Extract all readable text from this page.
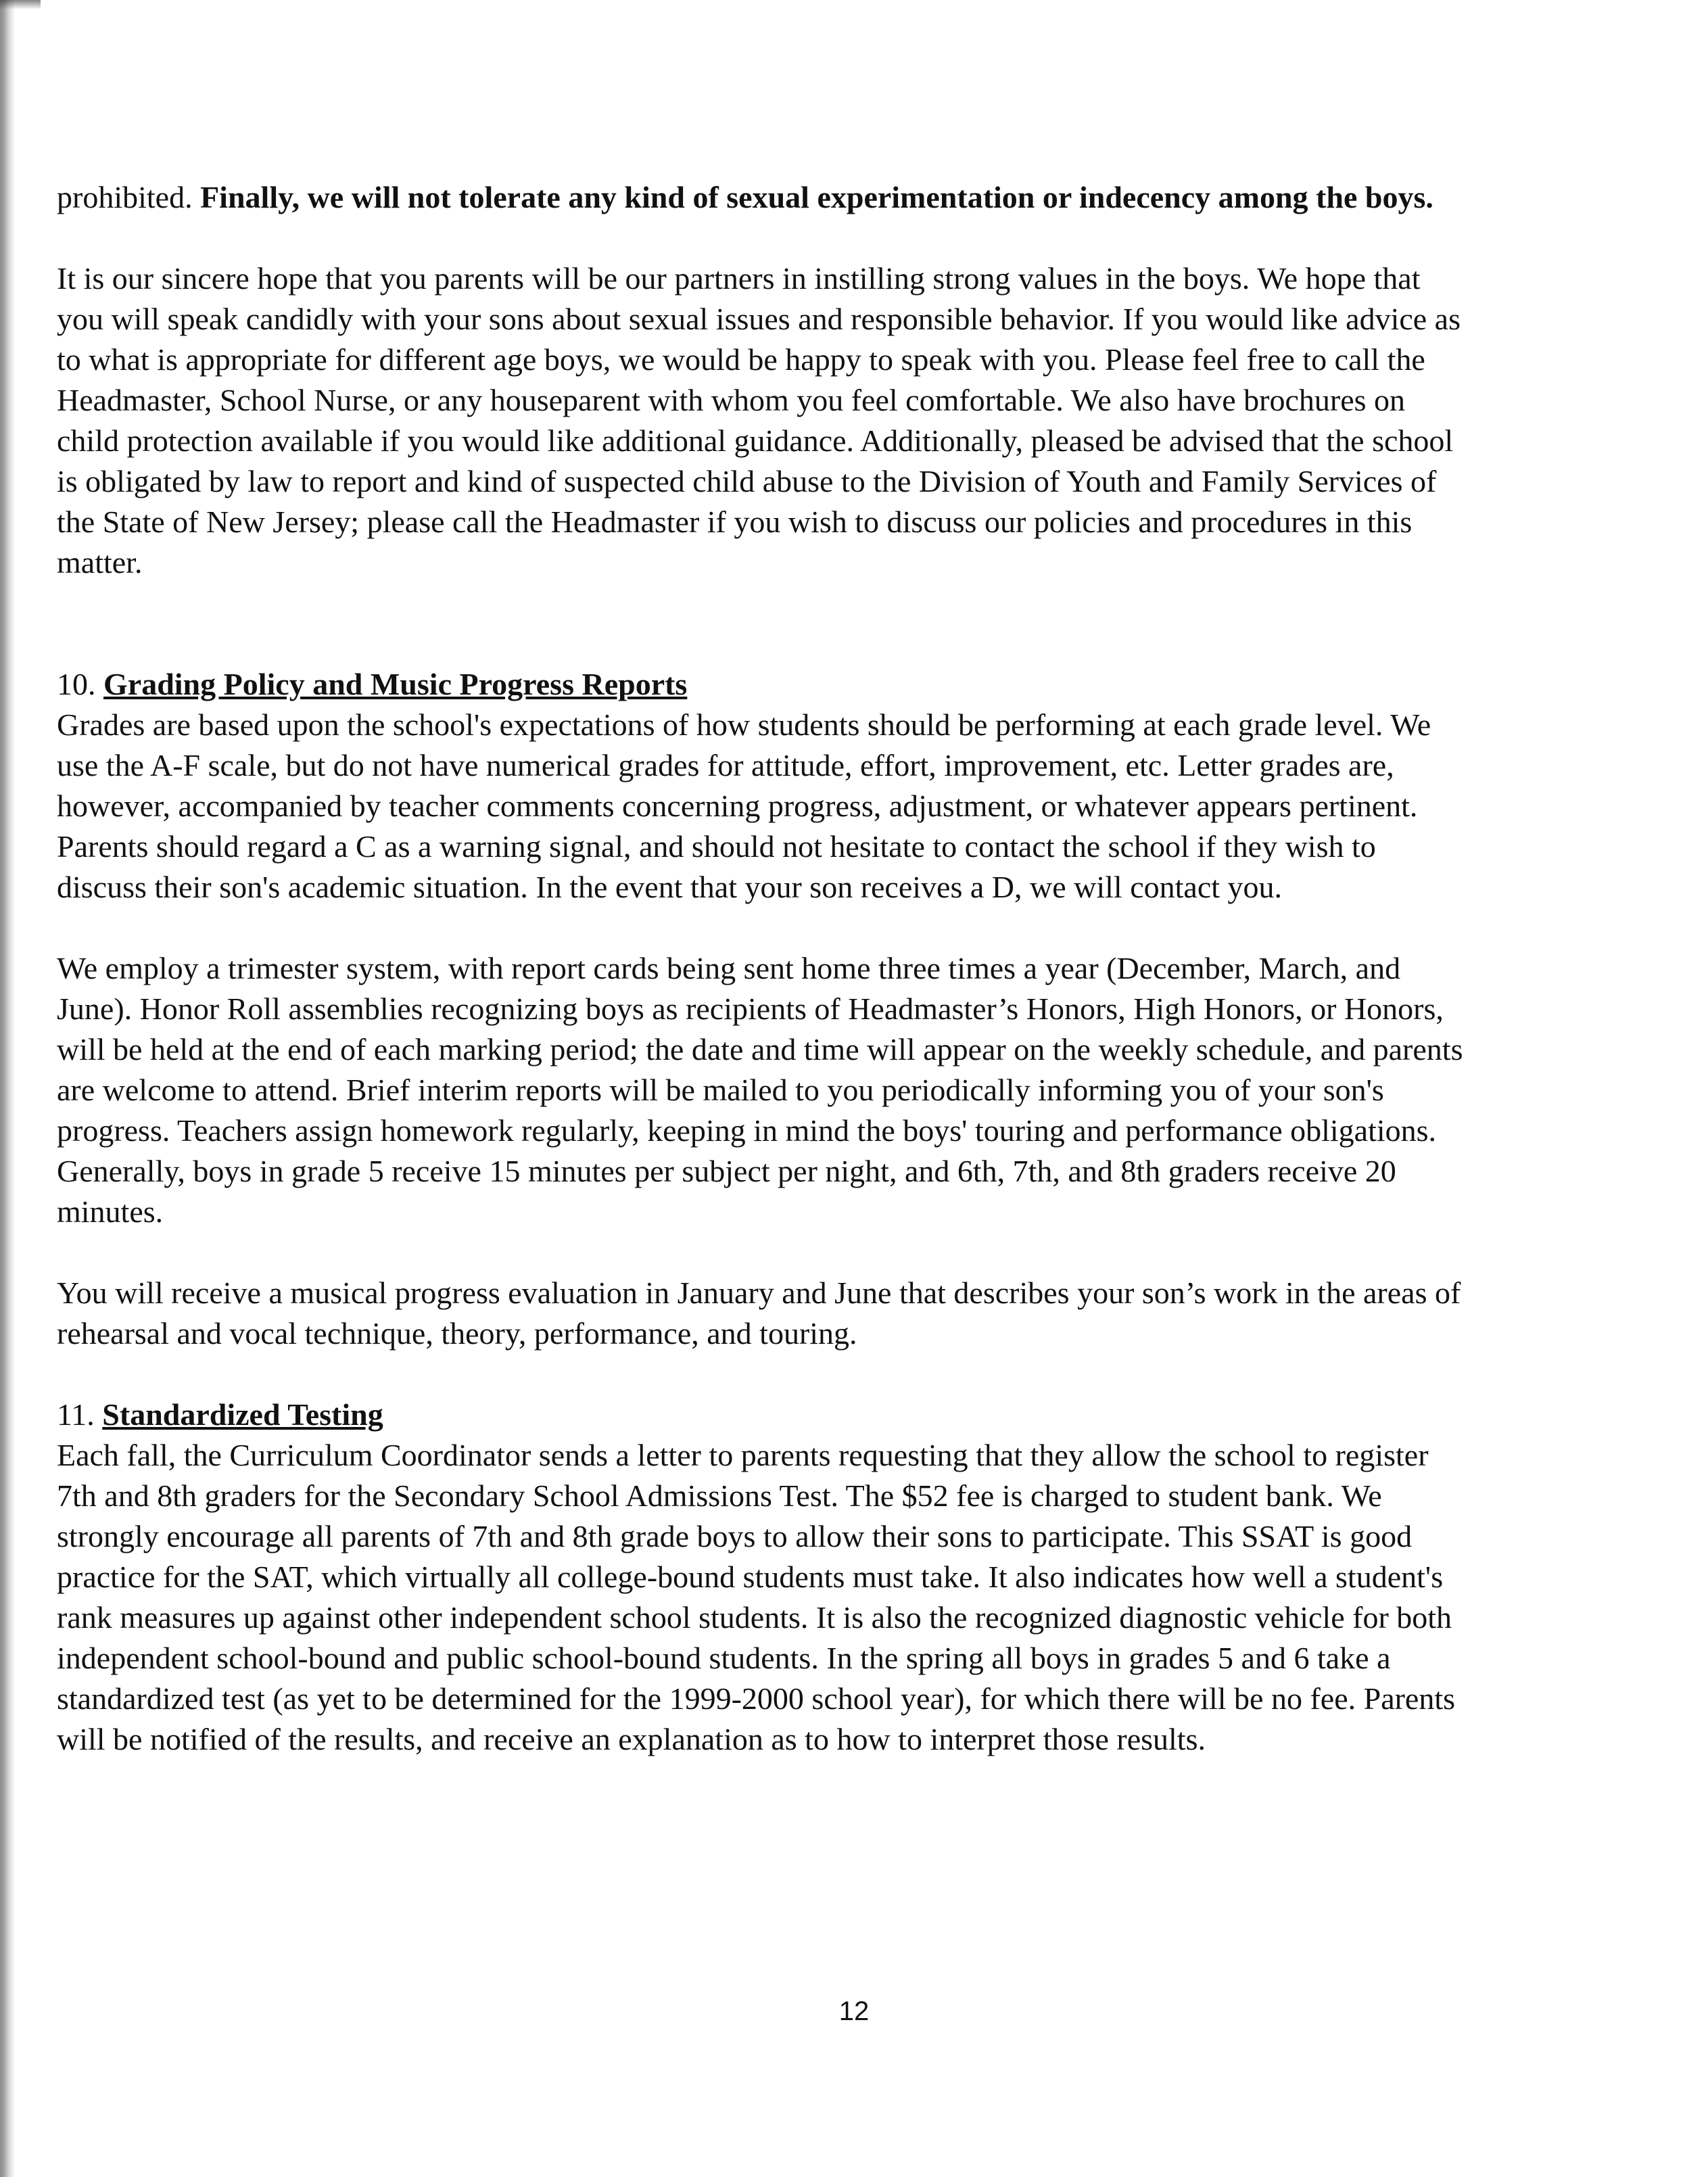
prohibited. Finally, we will not tolerate any kind of sexual experimentation or indecency among the boys.

It is our sincere hope that you parents will be our partners in instilling strong values in the boys. We hope that you will speak candidly with your sons about sexual issues and responsible behavior. If you would like advice as to what is appropriate for different age boys, we would be happy to speak with you. Please feel free to call the Headmaster, School Nurse, or any houseparent with whom you feel comfortable. We also have brochures on child protection available if you would like additional guidance. Additionally, pleased be advised that the school is obligated by law to report and kind of suspected child abuse to the Division of Youth and Family Services of the State of New Jersey; please call the Headmaster if you wish to discuss our policies and procedures in this matter.

10. Grading Policy and Music Progress Reports

Grades are based upon the school's expectations of how students should be performing at each grade level. We use the A-F scale, but do not have numerical grades for attitude, effort, improvement, etc. Letter grades are, however, accompanied by teacher comments concerning progress, adjustment, or whatever appears pertinent. Parents should regard a C as a warning signal, and should not hesitate to contact the school if they wish to discuss their son's academic situation. In the event that your son receives a D, we will contact you.

We employ a trimester system, with report cards being sent home three times a year (December, March, and June). Honor Roll assemblies recognizing boys as recipients of Headmaster’s Honors, High Honors, or Honors, will be held at the end of each marking period; the date and time will appear on the weekly schedule, and parents are welcome to attend. Brief interim reports will be mailed to you periodically informing you of your son's progress. Teachers assign homework regularly, keeping in mind the boys' touring and performance obligations. Generally, boys in grade 5 receive 15 minutes per subject per night, and 6th, 7th, and 8th graders receive 20 minutes.

You will receive a musical progress evaluation in January and June that describes your son’s work in the areas of rehearsal and vocal technique, theory, performance, and touring.

11. Standardized Testing

Each fall, the Curriculum Coordinator sends a letter to parents requesting that they allow the school to register 7th and 8th graders for the Secondary School Admissions Test. The $52 fee is charged to student bank. We strongly encourage all parents of 7th and 8th grade boys to allow their sons to participate. This SSAT is good practice for the SAT, which virtually all college-bound students must take. It also indicates how well a student's rank measures up against other independent school students. It is also the recognized diagnostic vehicle for both independent school-bound and public school-bound students. In the spring all boys in grades 5 and 6 take a standardized test (as yet to be determined for the 1999-2000 school year), for which there will be no fee. Parents will be notified of the results, and receive an explanation as to how to interpret those results.

12
